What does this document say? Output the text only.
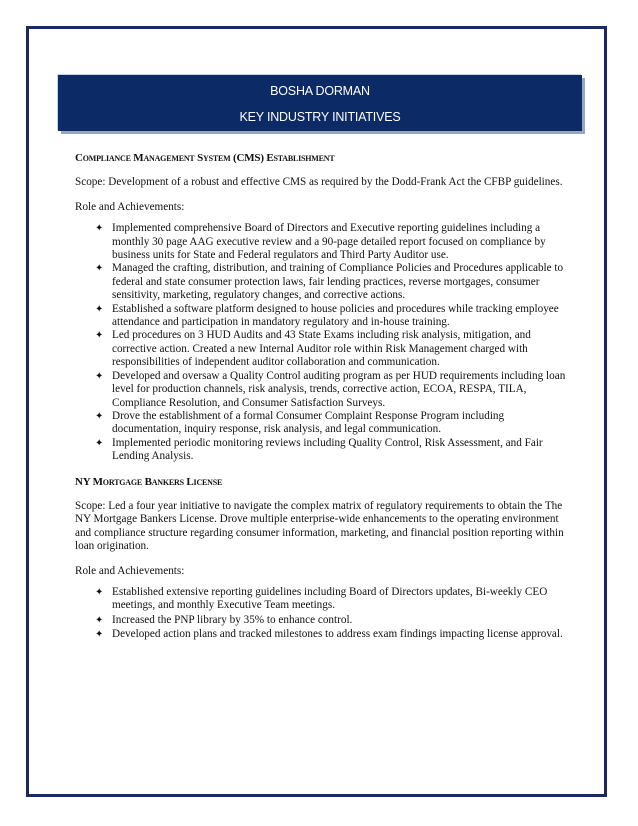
BOSHA DORMAN
KEY INDUSTRY INITIATIVES
Compliance Management System (CMS) Establishment

Scope: Development of a robust and effective CMS as required by the Dodd-Frank Act the CFBP guidelines.

Role and Achievements:

✦ Implemented comprehensive Board of Directors and Executive reporting guidelines including a monthly 30 page AAG executive review and a 90-page detailed report focused on compliance by business units for State and Federal regulators and Third Party Auditor use.
✦ Managed the crafting, distribution, and training of Compliance Policies and Procedures applicable to federal and state consumer protection laws, fair lending practices, reverse mortgages, consumer sensitivity, marketing, regulatory changes, and corrective actions.
✦ Established a software platform designed to house policies and procedures while tracking employee attendance and participation in mandatory regulatory and in-house training.
✦ Led procedures on 3 HUD Audits and 43 State Exams including risk analysis, mitigation, and corrective action. Created a new Internal Auditor role within Risk Management charged with responsibilities of independent auditor collaboration and communication.
✦ Developed and oversaw a Quality Control auditing program as per HUD requirements including loan level for production channels, risk analysis, trends, corrective action, ECOA, RESPA, TILA, Compliance Resolution, and Consumer Satisfaction Surveys.
✦ Drove the establishment of a formal Consumer Complaint Response Program including documentation, inquiry response, risk analysis, and legal communication.
✦ Implemented periodic monitoring reviews including Quality Control, Risk Assessment, and Fair Lending Analysis.
NY Mortgage Bankers License

Scope: Led a four year initiative to navigate the complex matrix of regulatory requirements to obtain the The NY Mortgage Bankers License. Drove multiple enterprise-wide enhancements to the operating environment and compliance structure regarding consumer information, marketing, and financial position reporting within loan origination.

Role and Achievements:

✦ Established extensive reporting guidelines including Board of Directors updates, Bi-weekly CEO meetings, and monthly Executive Team meetings.
✦ Increased the PNP library by 35% to enhance control.
✦ Developed action plans and tracked milestones to address exam findings impacting license approval.
